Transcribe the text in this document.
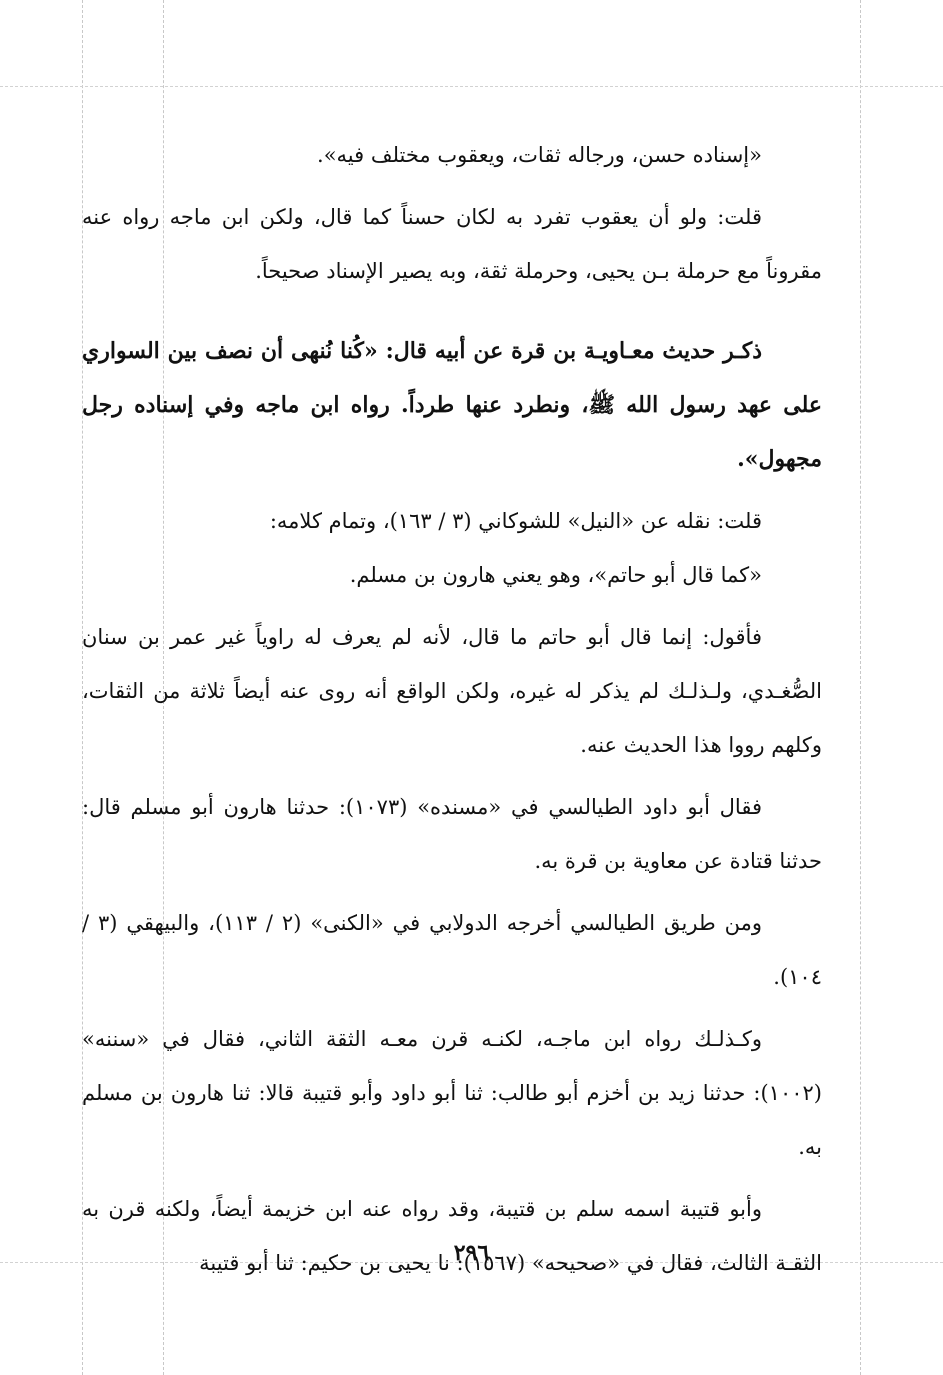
«إسناده حسن، ورجاله ثقات، ويعقوب مختلف فيه».

قلت: ولو أن يعقوب تفرد به لكان حسناً كما قال، ولكن ابن ماجه رواه عنه مقروناً مع حرملة بـن يحيى، وحرملة ثقة، وبه يصير الإسناد صحيحاً.

ذكـر حديث معـاويـة بن قرة عن أبيه قال: «كُنا نُنهى أن نصف بين السواري على عهد رسول الله ﷺ، ونطرد عنها طرداً. رواه ابن ماجه وفي إسناده رجل مجهول».

قلت: نقله عن «النيل» للشوكاني (٣ / ١٦٣)، وتمام كلامه:

«كما قال أبو حاتم»، وهو يعني هارون بن مسلم.

فأقول: إنما قال أبو حاتم ما قال، لأنه لم يعرف له راوياً غير عمر بن سنان الصُّغـدي، ولـذلـك لم يذكر له غيره، ولكن الواقع أنه روى عنه أيضاً ثلاثة من الثقات، وكلهم رووا هذا الحديث عنه.

فقال أبو داود الطيالسي في «مسنده» (١٠٧٣): حدثنا هارون أبو مسلم قال: حدثنا قتادة عن معاوية بن قرة به.

ومن طريق الطيالسي أخرجه الدولابي في «الكنى» (٢ / ١١٣)، والبيهقي (٣ / ١٠٤).

وكـذلـك رواه ابن ماجـه، لكنـه قرن معـه الثقة الثاني، فقال في «سننه» (١٠٠٢): حدثنا زيد بن أخزم أبو طالب: ثنا أبو داود وأبو قتيبة قالا: ثنا هارون بن مسلم به.

وأبو قتيبة اسمه سلم بن قتيبة، وقد رواه عنه ابن خزيمة أيضاً، ولكنه قرن به الثقـة الثالث، فقال في «صحيحه» (١٥٦٧): نا يحيى بن حكيم: ثنا أبو قتيبة

٢٩٦
